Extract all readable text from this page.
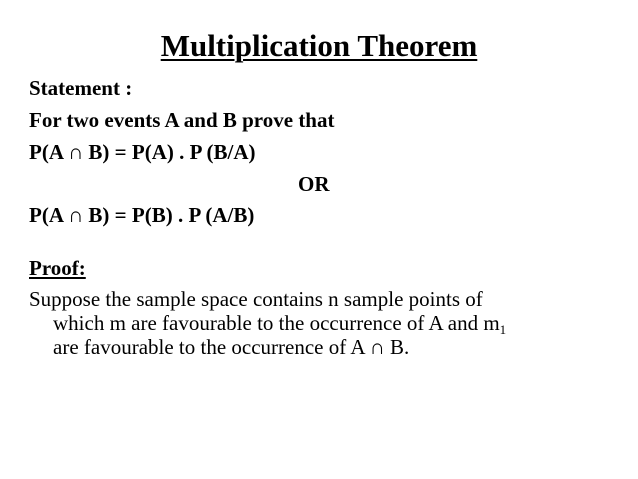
Multiplication Theorem
Statement :
For two events A and B prove that
P(A ∩ B) = P(A) . P (B/A)
OR
P(A ∩ B) = P(B) . P (A/B)
Proof:
Suppose the sample space contains n sample points of
which m are favourable to the occurrence of A and $m_1$
are favourable to the occurrence of A ∩ B.
